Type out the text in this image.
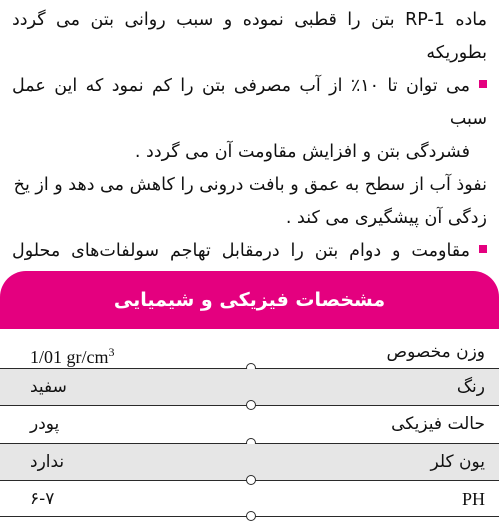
ماده RP-1 بتن را قطبی نموده و سبب روانی بتن می گردد بطوریکه

می توان تا ۱۰٪ از آب مصرفی بتن را کم نمود که این عمل سبب

فشردگی بتن و افزایش مقاومت آن می گردد .

نفوذ آب از سطح به عمق و بافت درونی را کاهش می دهد و از یخ

زدگی آن پیشگیری می کند .

مقاومت و دوام بتن را درمقابل تهاجم سولفات‌های محلول

مشخصات فیزیکی و شیمیایی
وزن مخصوص
1/01 $gr/cm^3$
رنگ
سفید
حالت فیزیکی
پودر
یون کلر
ندارد
PH
۶-۷
